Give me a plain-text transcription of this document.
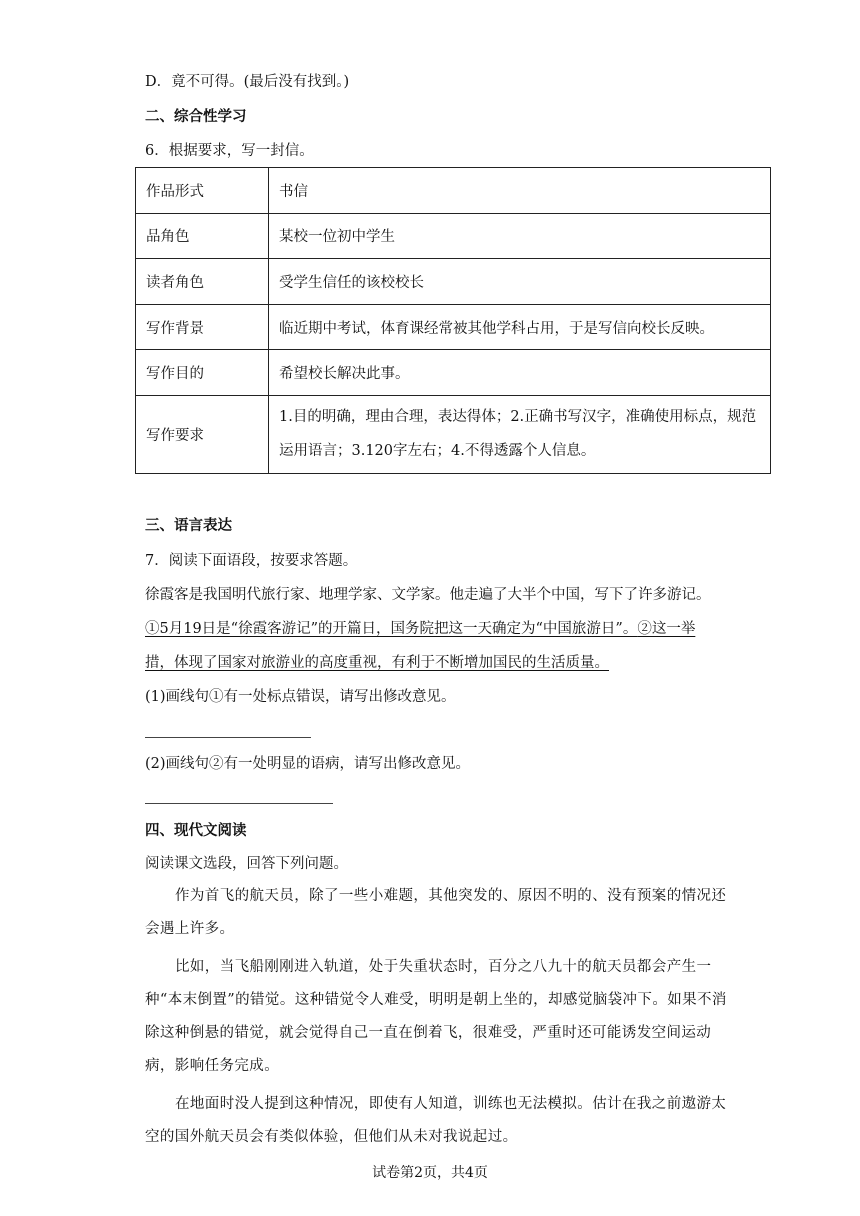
D．竟不可得。(最后没有找到。)
二、综合性学习
6．根据要求，写一封信。
作品形式	书信
品角色	某校一位初中学生
读者角色	受学生信任的该校校长
写作背景	临近期中考试，体育课经常被其他学科占用，于是写信向校长反映。
写作目的	希望校长解决此事。
写作要求	1.目的明确，理由合理，表达得体；2.正确书写汉字，准确使用标点，规范运用语言；3.120字左右；4.不得透露个人信息。
三、语言表达
7．阅读下面语段，按要求答题。
徐霞客是我国明代旅行家、地理学家、文学家。他走遍了大半个中国，写下了许多游记。
①5月19日是“徐霞客游记”的开篇日，国务院把这一天确定为“中国旅游日”。②这一举
措，体现了国家对旅游业的高度重视，有利于不断增加国民的生活质量。
(1)画线句①有一处标点错误，请写出修改意见。
(2)画线句②有一处明显的语病，请写出修改意见。
四、现代文阅读
阅读课文选段，回答下列问题。
作为首飞的航天员，除了一些小难题，其他突发的、原因不明的、没有预案的情况还会遇上许多。
比如，当飞船刚刚进入轨道，处于失重状态时，百分之八九十的航天员都会产生一种“本末倒置”的错觉。这种错觉令人难受，明明是朝上坐的，却感觉脑袋冲下。如果不消除这种倒悬的错觉，就会觉得自己一直在倒着飞，很难受，严重时还可能诱发空间运动病，影响任务完成。
在地面时没人提到这种情况，即使有人知道，训练也无法模拟。估计在我之前遨游太空的国外航天员会有类似体验，但他们从未对我说起过。
试卷第2页，共4页
